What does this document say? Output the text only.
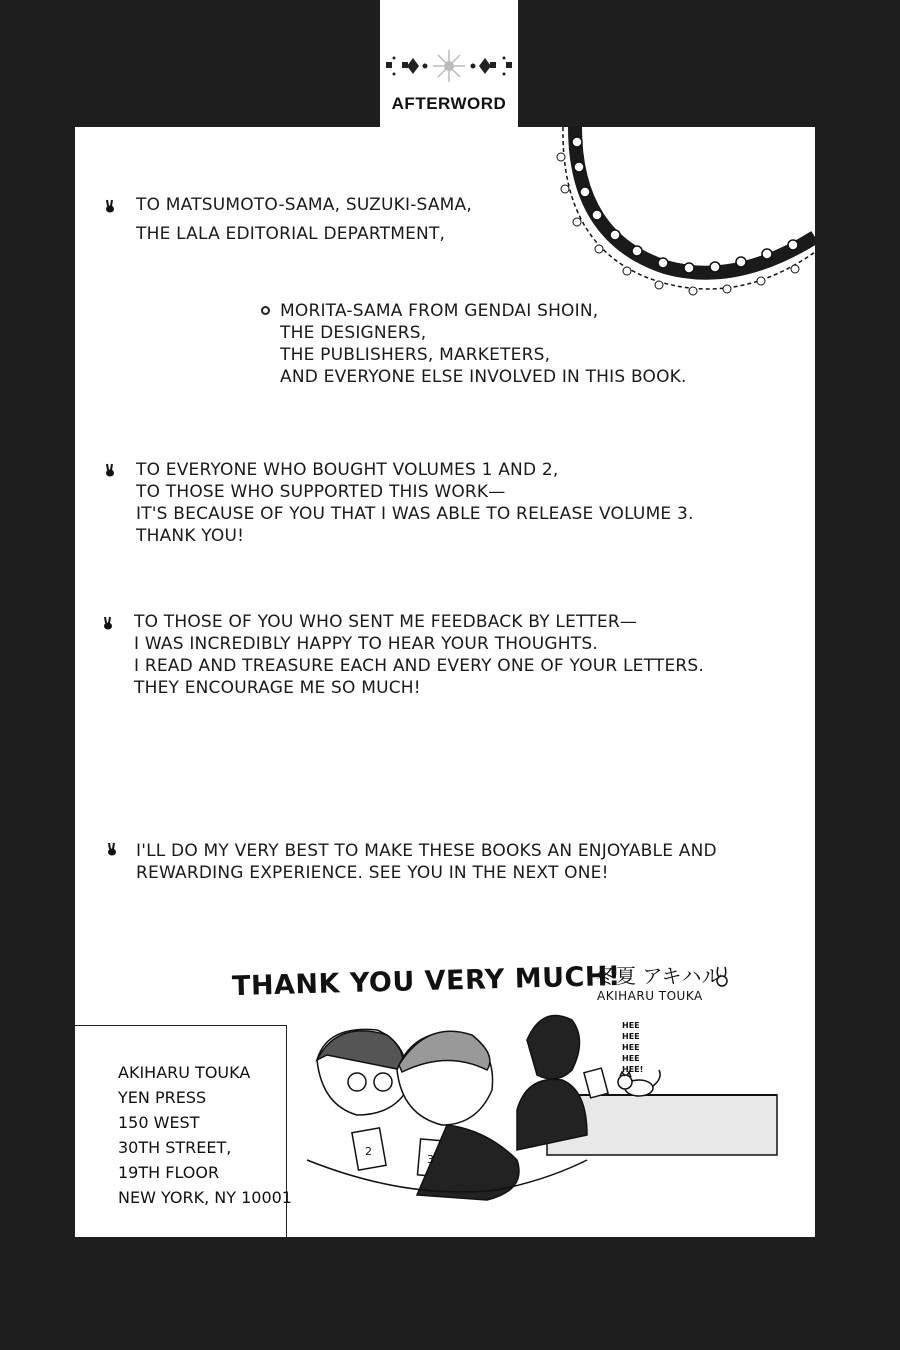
AFTERWORD
TO MATSUMOTO-SAMA, SUZUKI-SAMA,
THE LALA EDITORIAL DEPARTMENT,
MORITA-SAMA FROM GENDAI SHOIN,
THE DESIGNERS,
THE PUBLISHERS, MARKETERS,
AND EVERYONE ELSE INVOLVED IN THIS BOOK.
TO EVERYONE WHO BOUGHT VOLUMES 1 AND 2,
TO THOSE WHO SUPPORTED THIS WORK—
IT'S BECAUSE OF YOU THAT I WAS ABLE TO RELEASE VOLUME 3.
THANK YOU!
TO THOSE OF YOU WHO SENT ME FEEDBACK BY LETTER—
I WAS INCREDIBLY HAPPY TO HEAR YOUR THOUGHTS.
I READ AND TREASURE EACH AND EVERY ONE OF YOUR LETTERS.
THEY ENCOURAGE ME SO MUCH!
I'LL DO MY VERY BEST TO MAKE THESE BOOKS AN ENJOYABLE AND
REWARDING EXPERIENCE. SEE YOU IN THE NEXT ONE!
THANK YOU VERY MUCH!
冬夏 アキハル
AKIHARU TOUKA
AKIHARU TOUKA
YEN PRESS
150 WEST
30TH STREET,
19TH FLOOR
NEW YORK, NY 10001
2
3
HEE
HEE
HEE
HEE
HEE!
